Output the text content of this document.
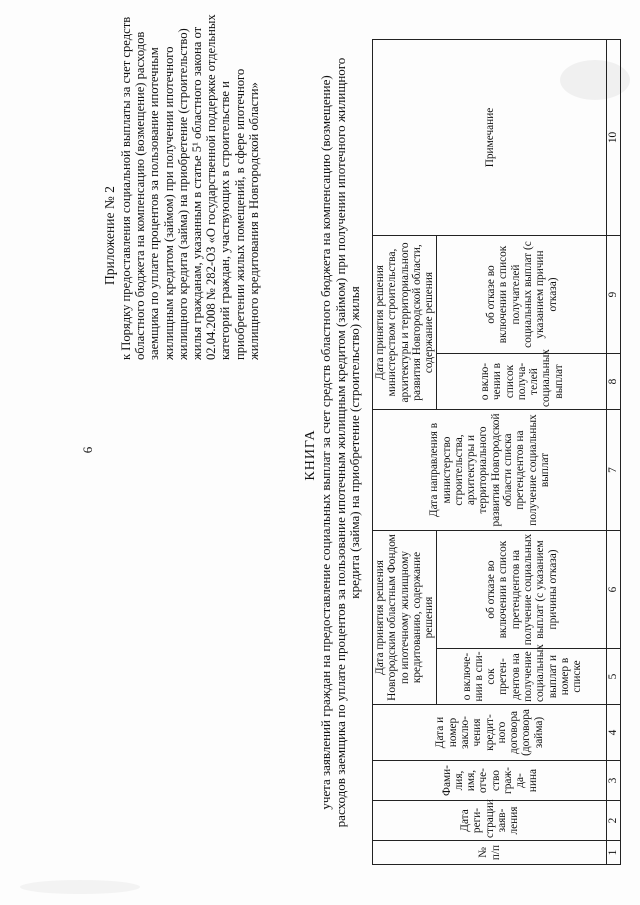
6
Приложение № 2 к Порядку предоставления социальной выплаты за счет средств областного бюджета на компенсацию (возмещение) расходов заемщика по уплате процентов за пользование ипотечным жилищным кредитом (займом) при получении ипотечного жилищного кредита (займа) на приобретение (строительство) жилья гражданам, указанным в статье 5¹ областного закона от 02.04.2008 № 282-ОЗ «О государственной поддержке отдельных категорий граждан, участвующих в строительстве и приобретении жилых помещений, в сфере ипотечного жилищного кредитования в Новгородской области»
КНИГА учета заявлений граждан на предоставление социальных выплат за счет средств областного бюджета на компенсацию (возмещение) расходов заемщика по уплате процентов за пользование ипотечным жилищным кредитом (займом) при получении ипотечного жилищного кредита (займа) на приобретение (строительство) жилья
№ п/п	Дата реги-страции заяв-ления	Фами-лия, имя, отче-ство граж-да-нина	Дата и номер заклю-чения кредит-ного договора (договора займа)	Дата принятия решения Новгородским областным Фондом по ипотечному жилищному кредитованию, содержание решения		Дата направления в министерство строительства, архитектуры и территориального развития Новгородской области списка претендентов на получение социальных выплат	Дата принятия решения министерством строительства, архитектуры и территориального развития Новгородской области, содержание решения		Примечание
				о включе-нии в спи-сок претен-дентов на получение социальных выплат и номер в списке	об отказе во включении в список претендентов на получение социальных выплат (с указанием причины отказа)		о вклю-чении в список получа-телей социальных выплат	об отказе во включении в список получателей социальных выплат (с указанием причин отказа)	
1	2	3	4	5	6	7	8	9	10
